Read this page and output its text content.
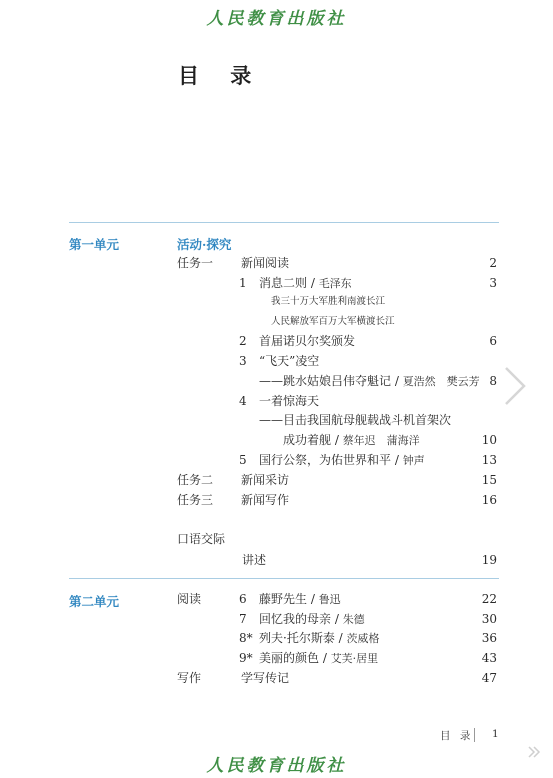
人民教育出版社
目 录
第一单元	活动·探究
任务一 新闻阅读	2
1 消息二则 / 毛泽东	3
我三十万大军胜利南渡长江
人民解放军百万大军横渡长江
2 首届诺贝尔奖颁发	6
3 “飞天”凌空
——跳水姑娘吕伟夺魁记 / 夏浩然　樊云芳 8
4 一着惊海天
——目击我国航母舰载战斗机首架次
成功着舰 / 蔡年迟　蒲海洋	10
5 国行公祭，为佑世界和平 / 钟声	13
任务二 新闻采访	15
任务三 新闻写作	16
口语交际
讲述	19
第二单元	阅读	6 藤野先生 / 鲁迅	22
7 回忆我的母亲 / 朱德	30
8* 列夫·托尔斯泰 / 茨威格	36
9* 美丽的颜色 / 艾芙·居里	43
写作	学写传记	47
目 录 1
人民教育出版社
